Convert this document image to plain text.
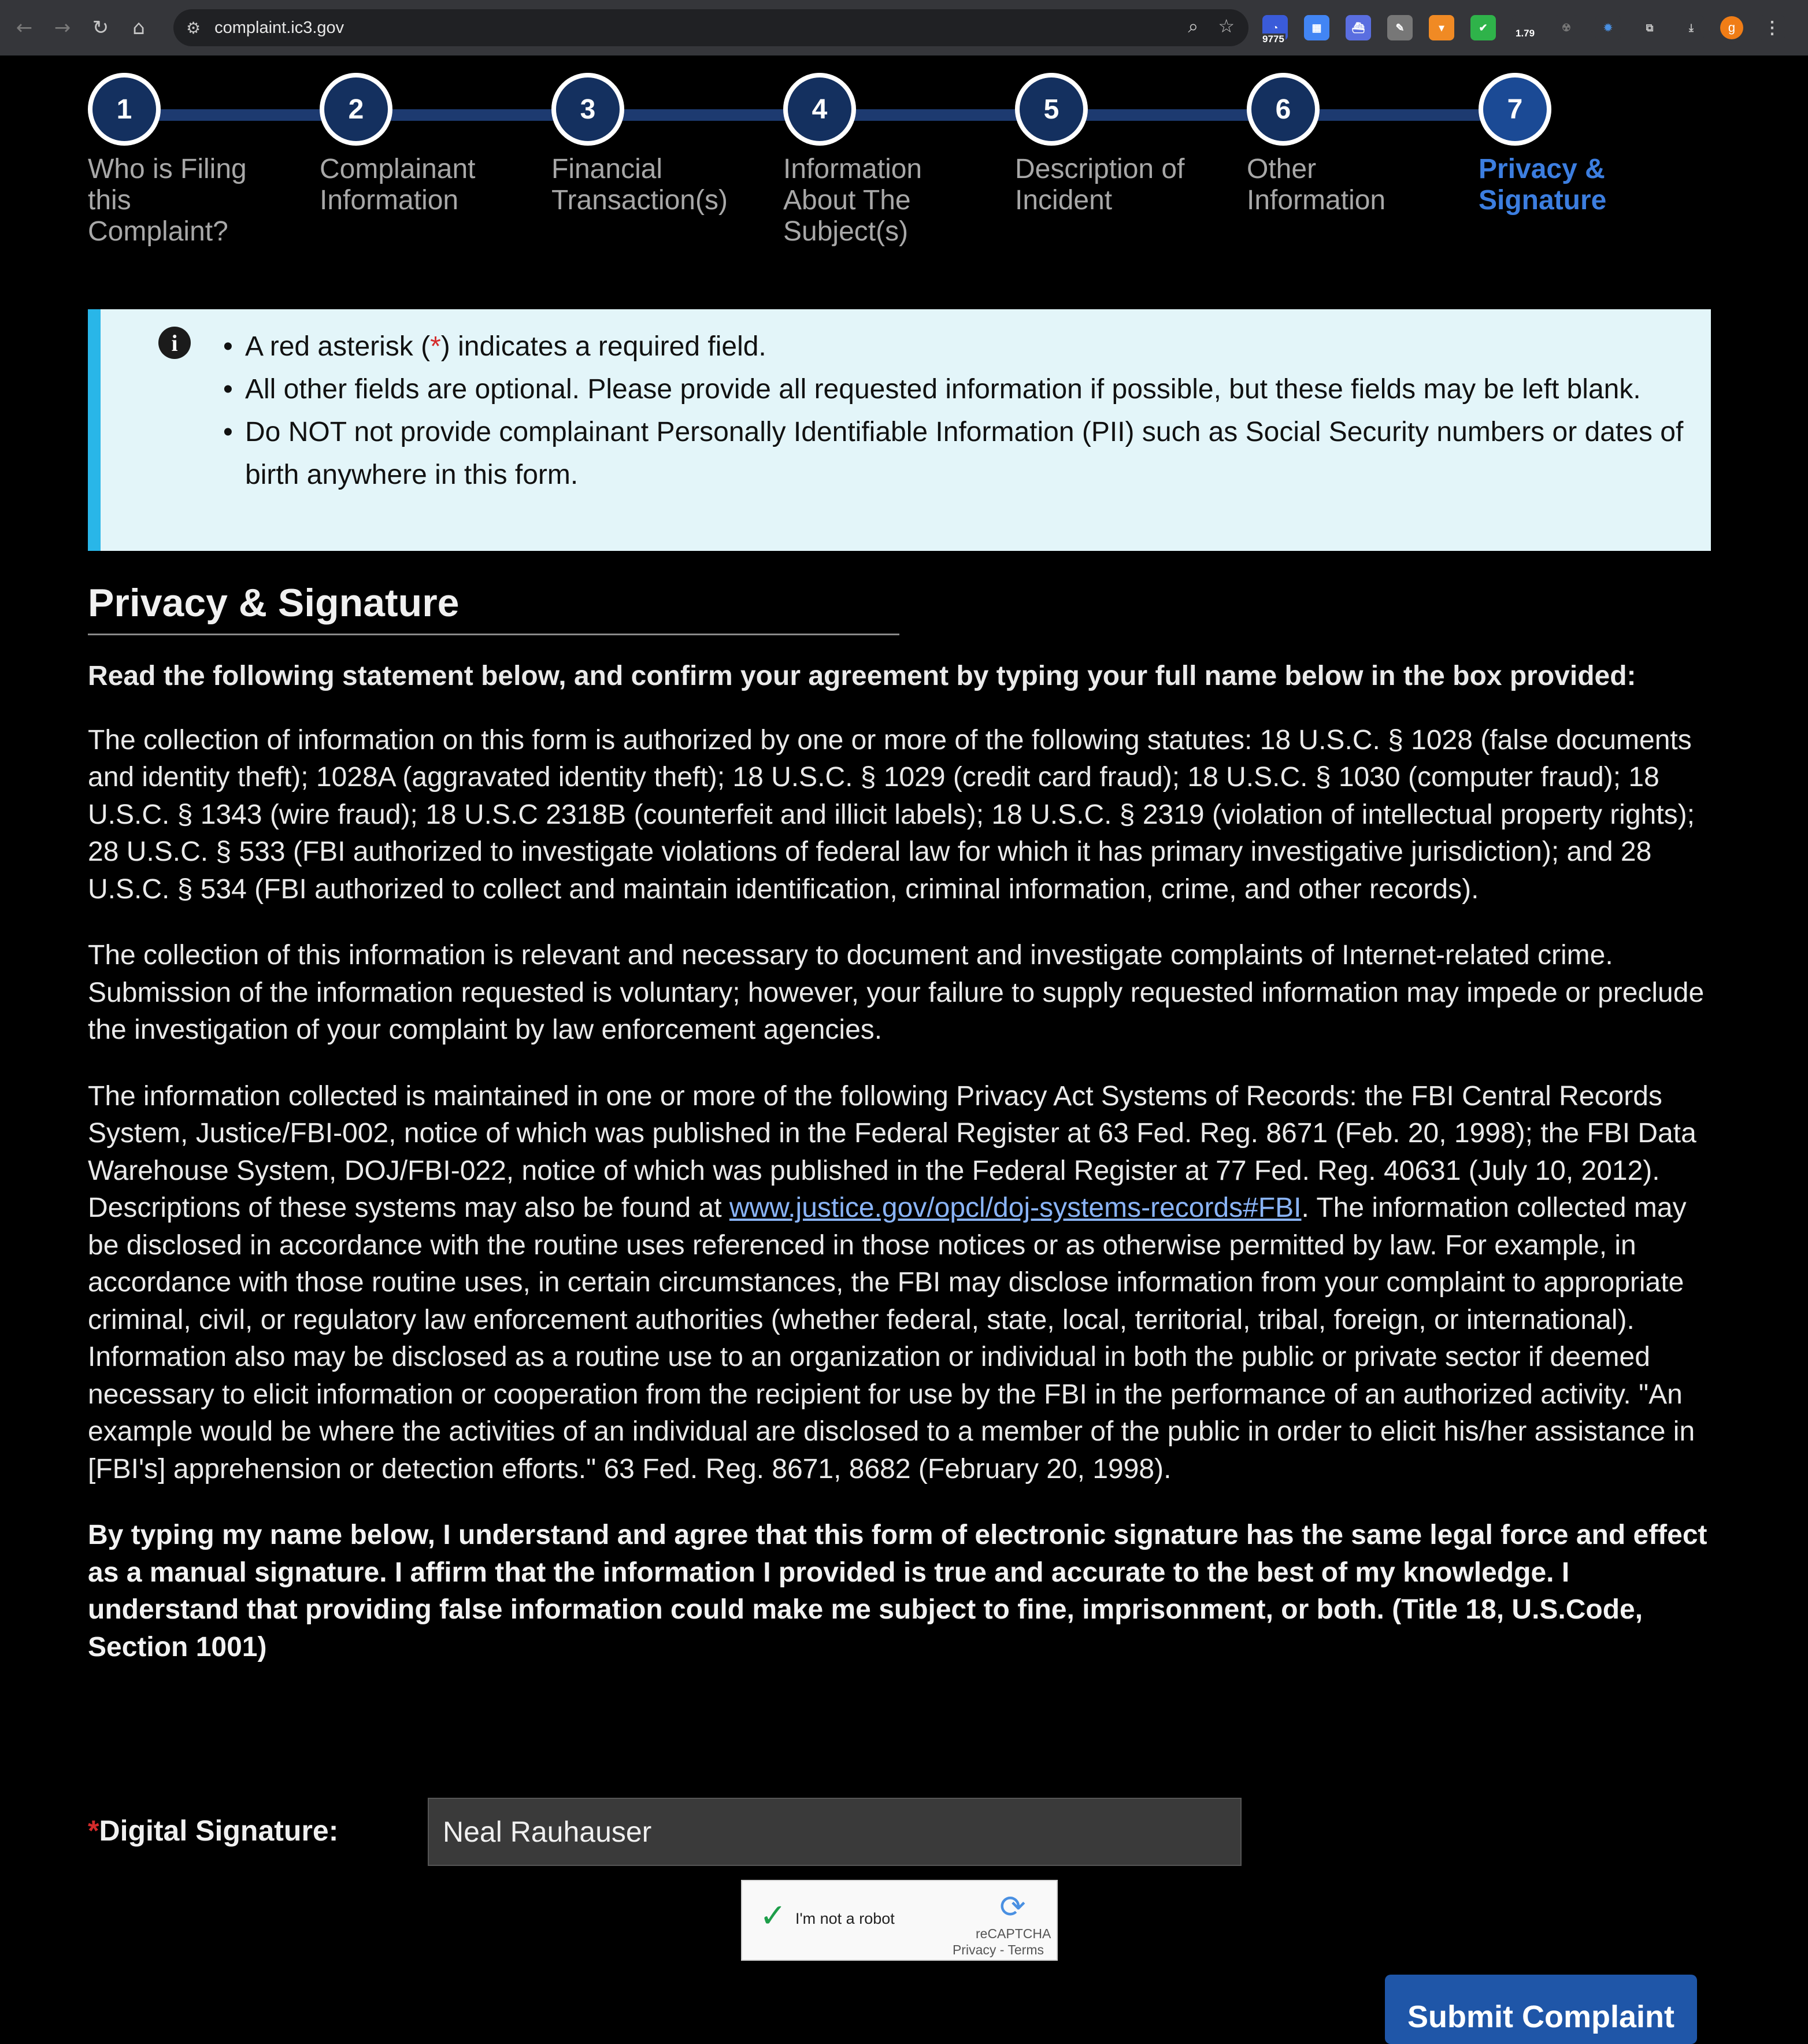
← → ↻	⌂	⚙ complaint.ic3.gov	⌕ ☆	◔
9775
▦	⛴	✎	▾	✔	1.79	☢	✹	⧉	⤓	g	⋮
1
Who is Filing this Complaint?
2
Complainant Information
3
Financial Transaction(s)
4
Information About The Subject(s)
5
Description of Incident
6
Other Information
7
Privacy & Signature
i
•	A red asterisk (*) indicates a required field.
• All other fields are optional. Please provide all requested information if possible, but these fields may be left blank.
• Do NOT not provide complainant Personally Identifiable Information (PII) such as Social Security numbers or dates of birth anywhere in this form.
Privacy & Signature

Read the following statement below, and confirm your agreement by typing your full name below in the box provided:

The collection of information on this form is authorized by one or more of the following statutes: 18 U.S.C. § 1028 (false documents and identity theft); 1028A (aggravated identity theft); 18 U.S.C. § 1029 (credit card fraud); 18 U.S.C. § 1030 (computer fraud); 18 U.S.C. § 1343 (wire fraud); 18 U.S.C 2318B (counterfeit and illicit labels); 18 U.S.C. § 2319 (violation of intellectual property rights); 28 U.S.C. § 533 (FBI authorized to investigate violations of federal law for which it has primary investigative jurisdiction); and 28 U.S.C. § 534 (FBI authorized to collect and maintain identification, criminal information, crime, and other records).

The collection of this information is relevant and necessary to document and investigate complaints of Internet-related crime. Submission of the information requested is voluntary; however, your failure to supply requested information may impede or preclude the investigation of your complaint by law enforcement agencies.

The information collected is maintained in one or more of the following Privacy Act Systems of Records: the FBI Central Records System, Justice/FBI-002, notice of which was published in the Federal Register at 63 Fed. Reg. 8671 (Feb. 20, 1998); the FBI Data Warehouse System, DOJ/FBI-022, notice of which was published in the Federal Register at 77 Fed. Reg. 40631 (July 10, 2012). Descriptions of these systems may also be found at www.justice.gov/opcl/doj-systems-records#FBI. The information collected may be disclosed in accordance with the routine uses referenced in those notices or as otherwise permitted by law. For example, in accordance with those routine uses, in certain circumstances, the FBI may disclose information from your complaint to appropriate criminal, civil, or regulatory law enforcement authorities (whether federal, state, local, territorial, tribal, foreign, or international). Information also may be disclosed as a routine use to an organization or individual in both the public or private sector if deemed necessary to elicit information or cooperation from the recipient for use by the FBI in the performance of an authorized activity. "An example would be where the activities of an individual are disclosed to a member of the public in order to elicit his/her assistance in [FBI's] apprehension or detection efforts." 63 Fed. Reg. 8671, 8682 (February 20, 1998).

By typing my name below, I understand and agree that this form of electronic signature has the same legal force and effect as a manual signature. I affirm that the information I provided is true and accurate to the best of my knowledge. I understand that providing false information could make me subject to fine, imprisonment, or both. (Title 18, U.S.Code, Section 1001)

*Digital Signature:
Neal Rauhauser
✓ I'm not a robot	⟳
reCAPTCHA
Privacy - Terms
Submit Complaint
